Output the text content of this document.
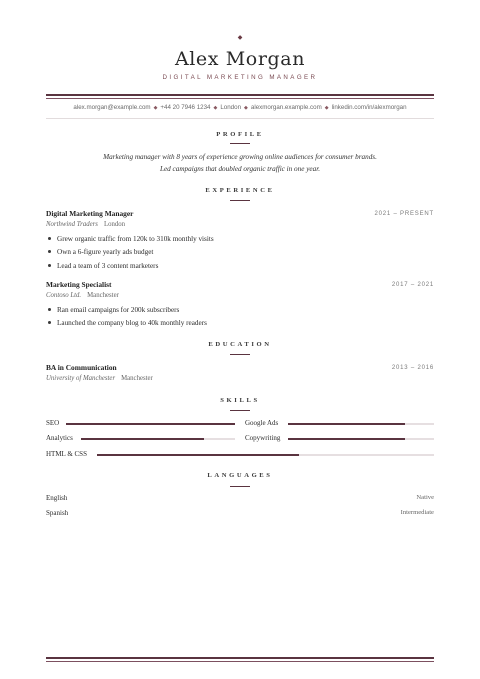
◆
Alex Morgan
DIGITAL MARKETING MANAGER
alex.morgan@example.com ◆ +44 20 7946 1234 ◆ London ◆ alexmorgan.example.com ◆ linkedin.com/in/alexmorgan
PROFILE
Marketing manager with 8 years of experience growing online audiences for consumer brands.
Led campaigns that doubled organic traffic in one year.
EXPERIENCE
Digital Marketing Manager	2021 – PRESENT
Northwind Traders London
Grew organic traffic from 120k to 310k monthly visits
Own a 6-figure yearly ads budget
Lead a team of 3 content marketers
Marketing Specialist	2017 – 2021
Contoso Ltd. Manchester
Ran email campaigns for 200k subscribers
Launched the company blog to 40k monthly readers
EDUCATION
BA in Communication	2013 – 2016
University of Manchester Manchester
SKILLS
SEO	Google Ads
Analytics	Copywriting
HTML & CSS
LANGUAGES
English	Native
Spanish	Intermediate
